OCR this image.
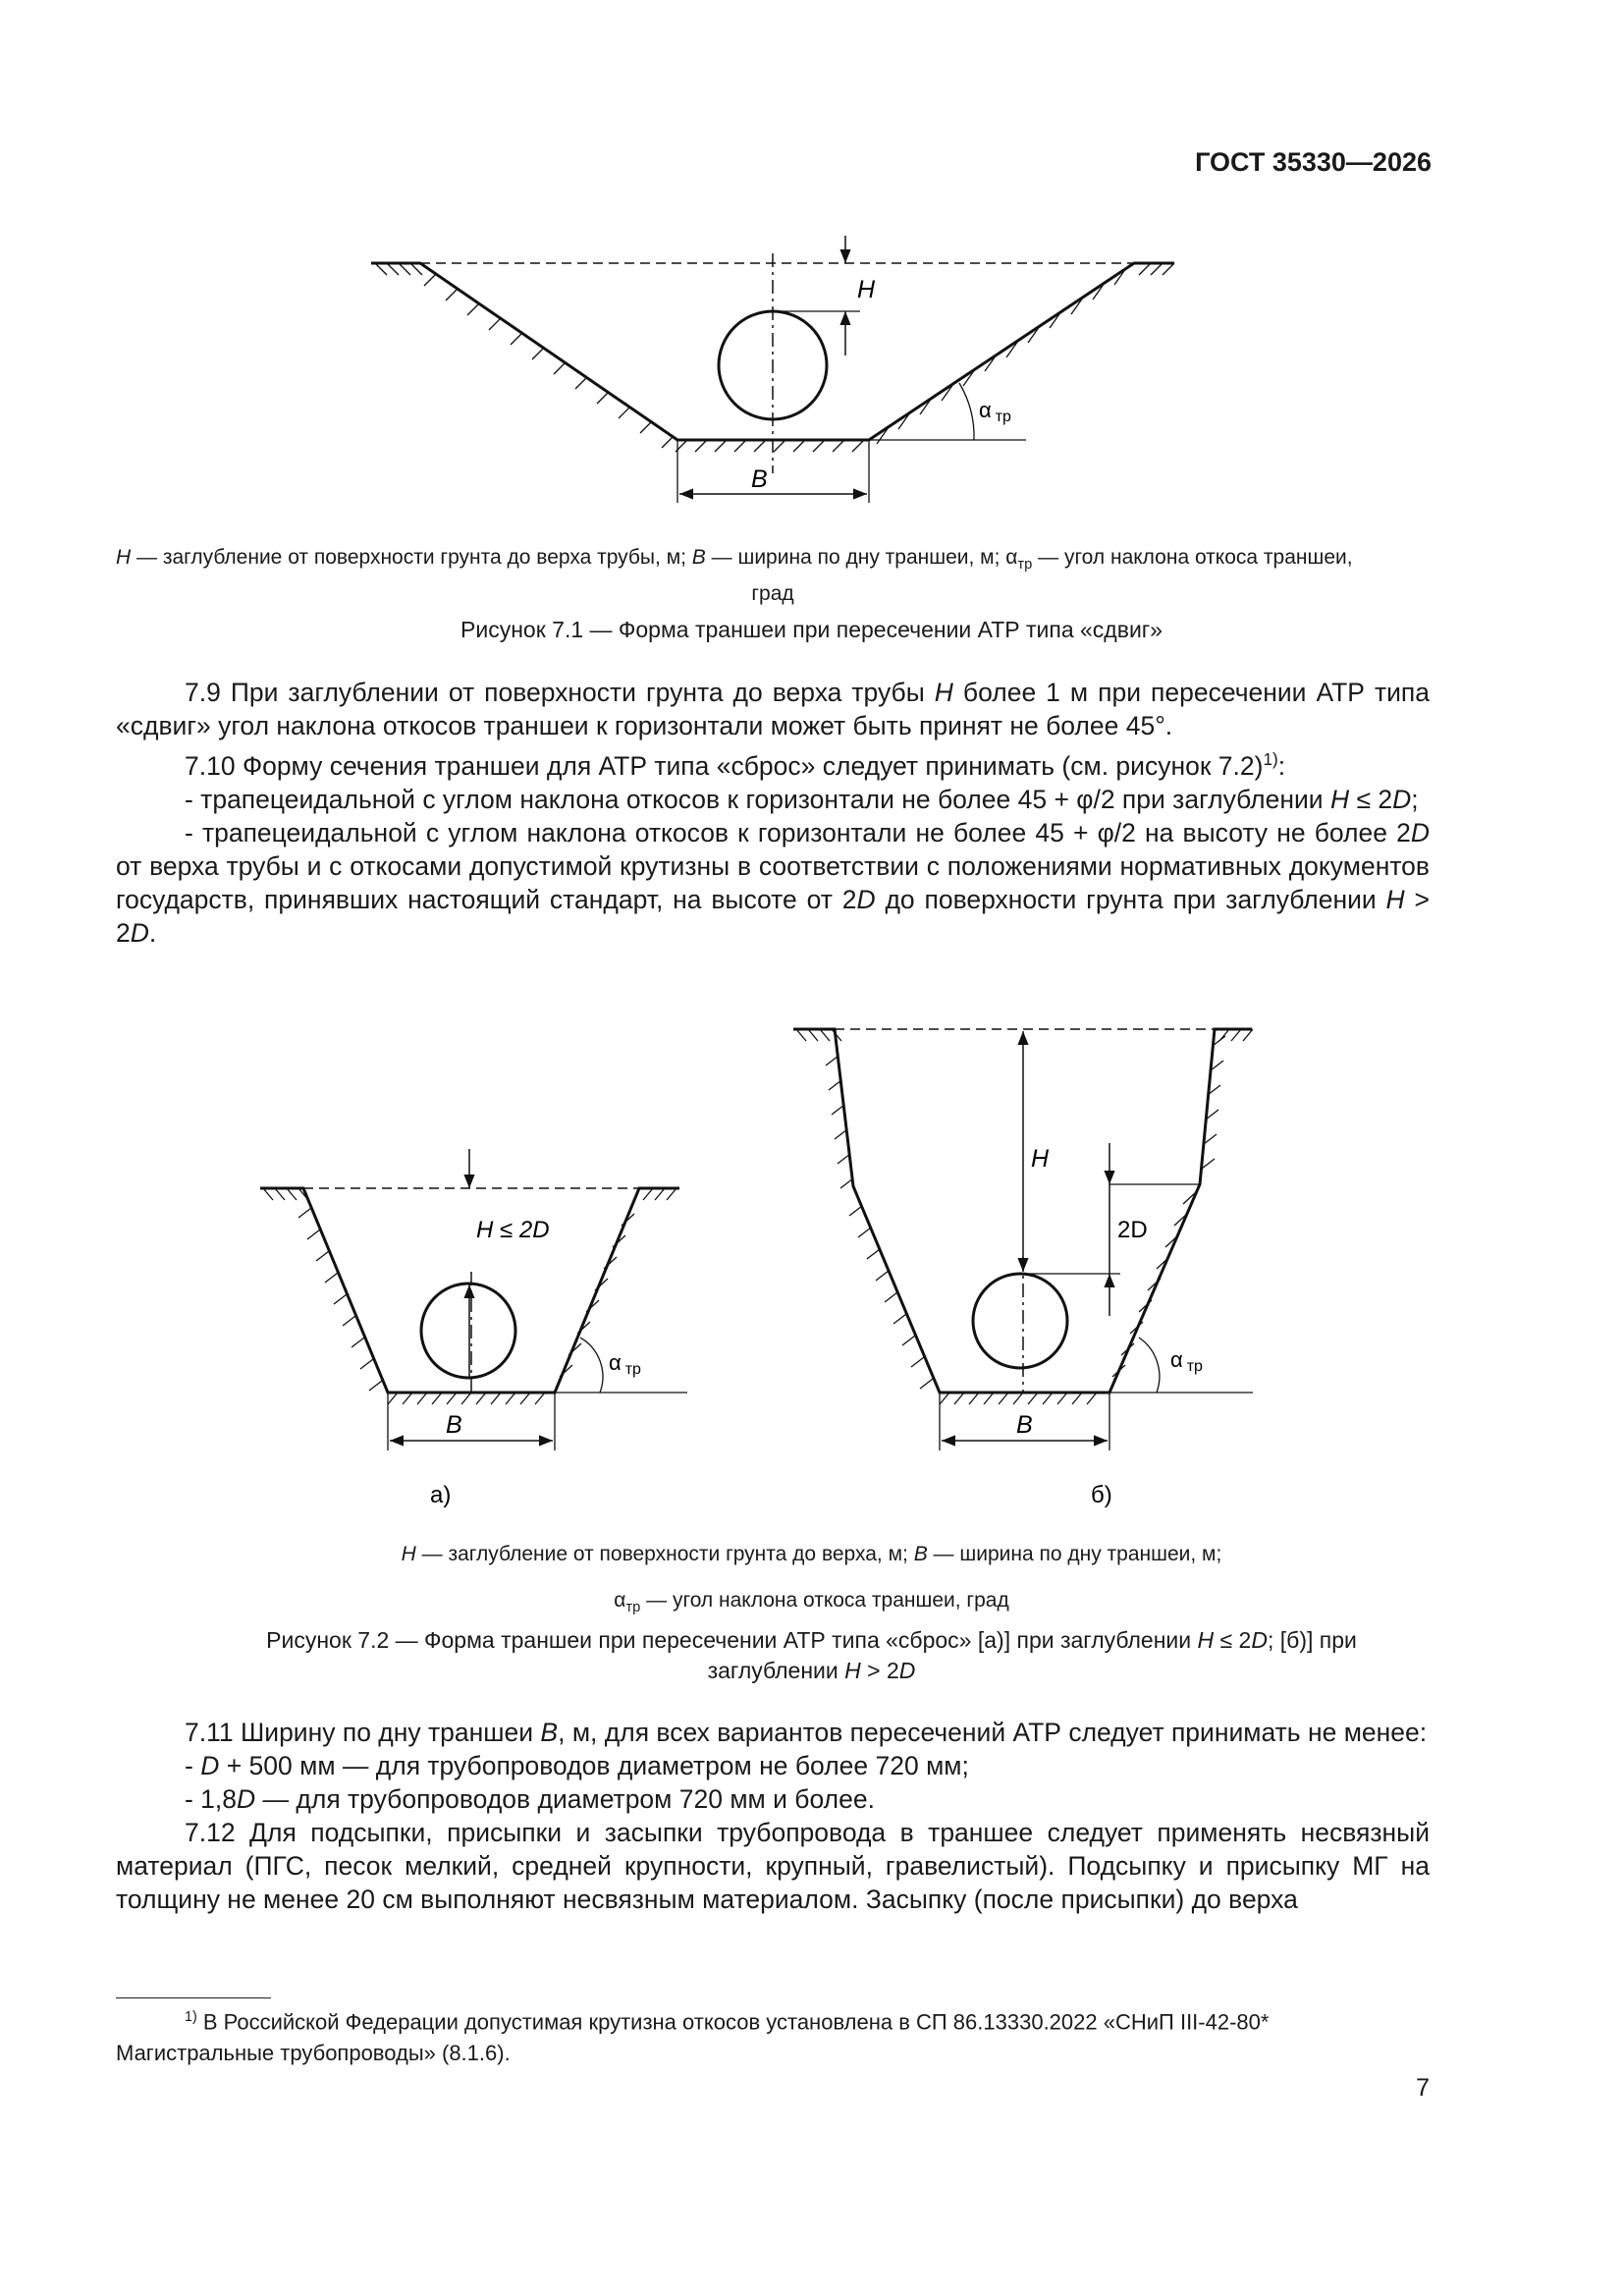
ГОСТ 35330—2026
H
B
α тр
H — заглубление от поверхности грунта до верха трубы, м; B — ширина по дну траншеи, м; $\alpha_{тр}$ — угол наклона откоса траншеи,
град
Рисунок 7.1 — Форма траншеи при пересечении АТР типа «сдвиг»

7.9 При заглублении от поверхности грунта до верха трубы H более 1 м при пересечении АТР типа «сдвиг» угол наклона откосов траншеи к горизонтали может быть принят не более 45°.

7.10 Форму сечения траншеи для АТР типа «сброс» следует принимать (см. рисунок 7.2)$^{1)}$:

- трапецеидальной с углом наклона откосов к горизонтали не более 45 + φ/2 при заглублении H ≤ 2D;

- трапецеидальной с углом наклона откосов к горизонтали не более 45 + φ/2 на высоту не более 2D от верха трубы и с откосами допустимой крутизны в соответствии с положениями нормативных документов государств, принявших настоящий стандарт, на высоте от 2D до поверхности грунта при заглублении H > 2D.

H ≤ 2D
B
α тр
а)
H
2D
B
α тр
б)
H — заглубление от поверхности грунта до верха, м; B — ширина по дну траншеи, м;
$\alpha_{тр}$ — угол наклона откоса траншеи, град
Рисунок 7.2 — Форма траншеи при пересечении АТР типа «сброс» [а)] при заглублении H ≤ 2D; [б)] при
заглублении H > 2D

7.11 Ширину по дну траншеи B, м, для всех вариантов пересечений АТР следует принимать не менее:

- D + 500 мм — для трубопроводов диаметром не более 720 мм;

- 1,8D — для трубопроводов диаметром 720 мм и более.

7.12 Для подсыпки, присыпки и засыпки трубопровода в траншее следует применять несвязный материал (ПГС, песок мелкий, средней крупности, крупный, гравелистый). Подсыпку и присыпку МГ на толщину не менее 20 см выполняют несвязным материалом. Засыпку (после присыпки) до верха

$^{1)}$ В Российской Федерации допустимая крутизна откосов установлена в СП 86.13330.2022 «СНиП III-42-80* Магистральные трубопроводы» (8.1.6).
7
